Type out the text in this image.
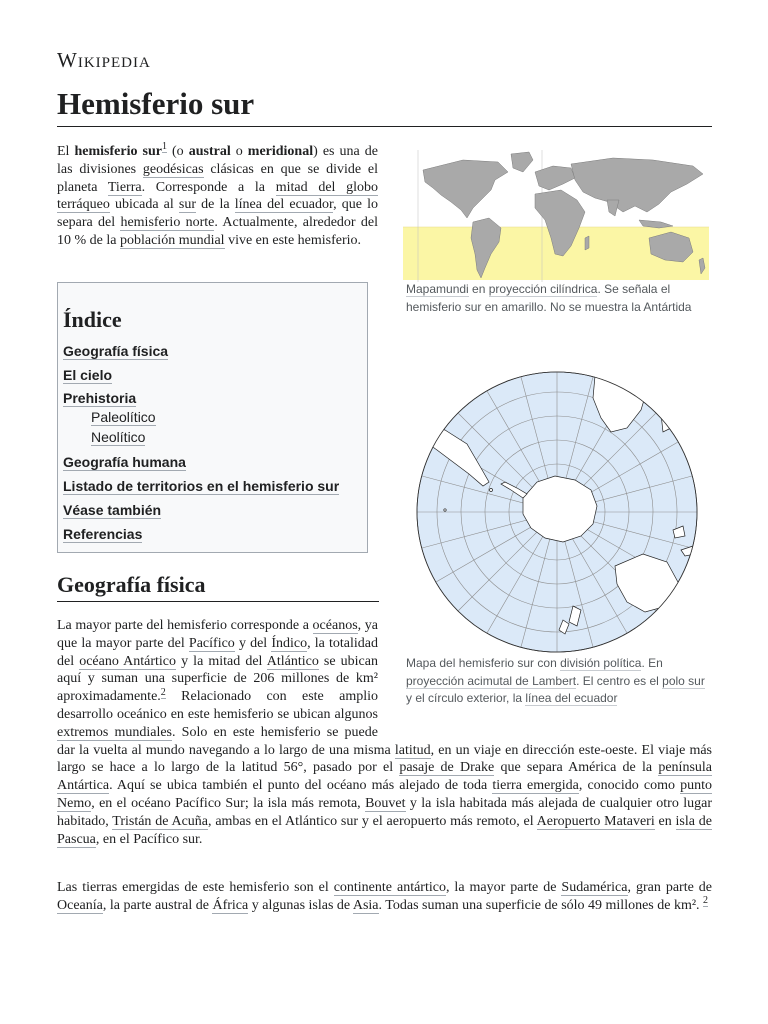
Wikipedia
Hemisferio sur

El hemisferio sur$^1$ (o austral o meridional) es una de las divisiones geodésicas clásicas en que se divide el planeta Tierra. Corresponde a la mitad del globo terráqueo ubicada al sur de la línea del ecuador, que lo separa del hemisferio norte. Actualmente, alrededor del 10 % de la población mundial vive en este hemisferio.

Mapamundi en proyección cilíndrica. Se señala el hemisferio sur en amarillo. No se muestra la Antártida
Índice
Geografía física
El cielo
Prehistoria
Paleolítico
Neolítico
Geografía humana
Listado de territorios en el hemisferio sur
Véase también
Referencias
Mapa del hemisferio sur con división política. En proyección acimutal de Lambert. El centro es el polo sur y el círculo exterior, la línea del ecuador
Geografía física

La mayor parte del hemisferio corresponde a océanos, ya que la mayor parte del Pacífico y del Índico, la totalidad del océano Antártico y la mitad del Atlántico se ubican aquí y suman una superficie de 206 millones de km² aproximadamente.$^2$ Relacionado con este amplio desarrollo oceánico en este hemisferio se ubican algunos extremos mundiales. Solo en este hemisferio se puede dar la vuelta al mundo navegando a lo largo de una misma latitud, en un viaje en dirección este-oeste. El viaje más largo se hace a lo largo de la latitud 56°, pasado por el pasaje de Drake que separa América de la península Antártica. Aquí se ubica también el punto del océano más alejado de toda tierra emergida, conocido como punto Nemo, en el océano Pacífico Sur; la isla más remota, Bouvet y la isla habitada más alejada de cualquier otro lugar habitado, Tristán de Acuña, ambas en el Atlántico sur y el aeropuerto más remoto, el Aeropuerto Mataveri en isla de Pascua, en el Pacífico sur.

Las tierras emergidas de este hemisferio son el continente antártico, la mayor parte de Sudamérica, gran parte de Oceanía, la parte austral de África y algunas islas de Asia. Todas suman una superficie de sólo 49 millones de km². $^2$
